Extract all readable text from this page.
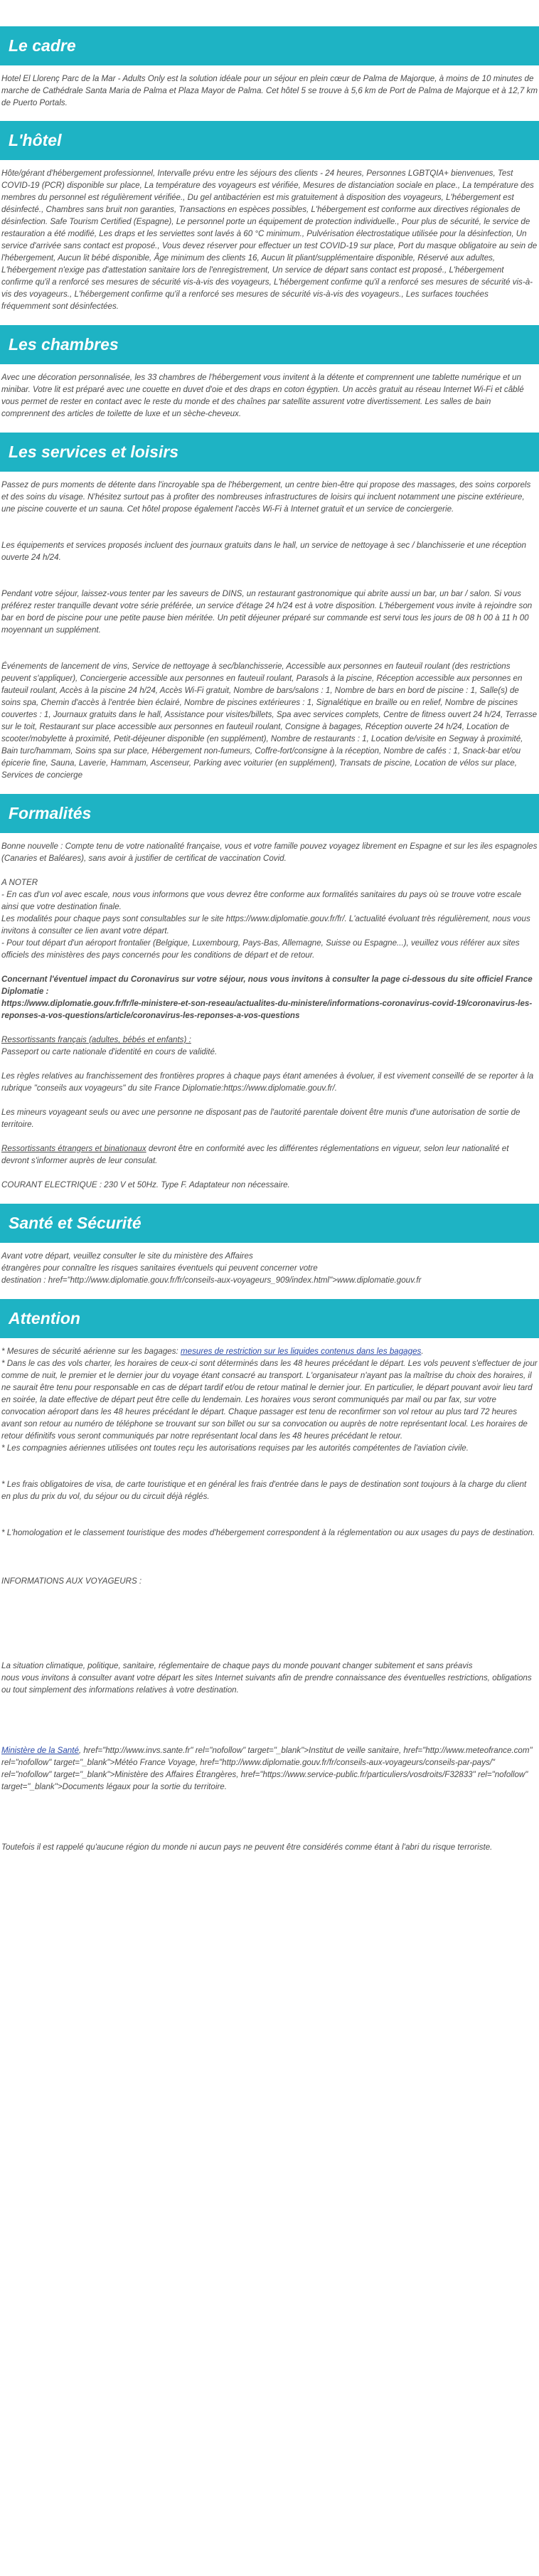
Le cadre

Hotel El Llorenç Parc de la Mar - Adults Only est la solution idéale pour un séjour en plein cœur de Palma de Majorque, à moins de 10 minutes de marche de Cathédrale Santa Maria de Palma et Plaza Mayor de Palma. Cet hôtel 5 se trouve à 5,6 km de Port de Palma de Majorque et à 12,7 km de Puerto Portals.

L'hôtel

Hôte/gérant d'hébergement professionnel, Intervalle prévu entre les séjours des clients - 24 heures, Personnes LGBTQIA+ bienvenues, Test COVID-19 (PCR) disponible sur place, La température des voyageurs est vérifiée, Mesures de distanciation sociale en place., La température des membres du personnel est régulièrement vérifiée., Du gel antibactérien est mis gratuitement à disposition des voyageurs, L'hébergement est désinfecté., Chambres sans bruit non garanties, Transactions en espèces possibles, L'hébergement est conforme aux directives régionales de désinfection. Safe Tourism Certified (Espagne), Le personnel porte un équipement de protection individuelle., Pour plus de sécurité, le service de restauration a été modifié, Les draps et les serviettes sont lavés à 60 °C minimum., Pulvérisation électrostatique utilisée pour la désinfection, Un service d'arrivée sans contact est proposé., Vous devez réserver pour effectuer un test COVID-19 sur place, Port du masque obligatoire au sein de l'hébergement, Aucun lit bébé disponible, Âge minimum des clients 16, Aucun lit pliant/supplémentaire disponible, Réservé aux adultes, L'hébergement n'exige pas d'attestation sanitaire lors de l'enregistrement, Un service de départ sans contact est proposé., L'hébergement confirme qu'il a renforcé ses mesures de sécurité vis-à-vis des voyageurs, L'hébergement confirme qu'il a renforcé ses mesures de sécurité vis-à-vis des voyageurs., L'hébergement confirme qu'il a renforcé ses mesures de sécurité vis-à-vis des voyageurs., Les surfaces touchées fréquemment sont désinfectées.

Les chambres

Avec une décoration personnalisée, les 33 chambres de l'hébergement vous invitent à la détente et comprennent une tablette numérique et un minibar. Votre lit est préparé avec une couette en duvet d'oie et des draps en coton égyptien. Un accès gratuit au réseau Internet Wi-Fi et câblé vous permet de rester en contact avec le reste du monde et des chaînes par satellite assurent votre divertissement. Les salles de bain comprennent des articles de toilette de luxe et un sèche-cheveux.

Les services et loisirs

Passez de purs moments de détente dans l'incroyable spa de l'hébergement, un centre bien-être qui propose des massages, des soins corporels et des soins du visage. N'hésitez surtout pas à profiter des nombreuses infrastructures de loisirs qui incluent notamment une piscine extérieure, une piscine couverte et un sauna. Cet hôtel propose également l'accès Wi-Fi à Internet gratuit et un service de conciergerie.

Les équipements et services proposés incluent des journaux gratuits dans le hall, un service de nettoyage à sec / blanchisserie et une réception ouverte 24 h/24.

Pendant votre séjour, laissez-vous tenter par les saveurs de DINS, un restaurant gastronomique qui abrite aussi un bar, un bar / salon. Si vous préférez rester tranquille devant votre série préférée, un service d'étage 24 h/24 est à votre disposition. L'hébergement vous invite à rejoindre son bar en bord de piscine pour une petite pause bien méritée. Un petit déjeuner préparé sur commande est servi tous les jours de 08 h 00 à 11 h 00 moyennant un supplément.

Événements de lancement de vins, Service de nettoyage à sec/blanchisserie, Accessible aux personnes en fauteuil roulant (des restrictions peuvent s'appliquer), Conciergerie accessible aux personnes en fauteuil roulant, Parasols à la piscine, Réception accessible aux personnes en fauteuil roulant, Accès à la piscine 24 h/24, Accès Wi-Fi gratuit, Nombre de bars/salons : 1, Nombre de bars en bord de piscine : 1, Salle(s) de soins spa, Chemin d'accès à l'entrée bien éclairé, Nombre de piscines extérieures : 1, Signalétique en braille ou en relief, Nombre de piscines couvertes : 1, Journaux gratuits dans le hall, Assistance pour visites/billets, Spa avec services complets, Centre de fitness ouvert 24 h/24, Terrasse sur le toit, Restaurant sur place accessible aux personnes en fauteuil roulant, Consigne à bagages, Réception ouverte 24 h/24, Location de scooter/mobylette à proximité, Petit-déjeuner disponible (en supplément), Nombre de restaurants : 1, Location de/visite en Segway à proximité, Bain turc/hammam, Soins spa sur place, Hébergement non-fumeurs, Coffre-fort/consigne à la réception, Nombre de cafés : 1, Snack-bar et/ou épicerie fine, Sauna, Laverie, Hammam, Ascenseur, Parking avec voiturier (en supplément), Transats de piscine, Location de vélos sur place, Services de concierge

Formalités

Bonne nouvelle : Compte tenu de votre nationalité française, vous et votre famille pouvez voyagez librement en Espagne et sur les iles espagnoles (Canaries et Baléares), sans avoir à justifier de certificat de vaccination Covid.

A NOTER
- En cas d'un vol avec escale, nous vous informons que vous devrez être conforme aux formalités sanitaires du pays où se trouve votre escale ainsi que votre destination finale.
Les modalités pour chaque pays sont consultables sur le site https://www.diplomatie.gouv.fr/fr/. L'actualité évoluant très régulièrement, nous vous invitons à consulter ce lien avant votre départ.
- Pour tout départ d'un aéroport frontalier (Belgique, Luxembourg, Pays-Bas, Allemagne, Suisse ou Espagne...), veuillez vous référer aux sites officiels des ministères des pays concernés pour les conditions de départ et de retour.

Concernant l'éventuel impact du Coronavirus sur votre séjour, nous vous invitons à consulter la page ci-dessous du site officiel France Diplomatie :
https://www.diplomatie.gouv.fr/fr/le-ministere-et-son-reseau/actualites-du-ministere/informations-coronavirus-covid-19/coronavirus-les-reponses-a-vos-questions/article/coronavirus-les-reponses-a-vos-questions

Ressortissants français (adultes, bébés et enfants) :

Passeport ou carte nationale d'identité en cours de validité.

Les règles relatives au franchissement des frontières propres à chaque pays étant amenées à évoluer, il est vivement conseillé de se reporter à la rubrique "conseils aux voyageurs" du site France Diplomatie:https://www.diplomatie.gouv.fr/.

Les mineurs voyageant seuls ou avec une personne ne disposant pas de l'autorité parentale doivent être munis d'une autorisation de sortie de territoire.

Ressortissants étrangers et binationaux devront être en conformité avec les différentes réglementations en vigueur, selon leur nationalité et devront s'informer auprès de leur consulat.

COURANT ELECTRIQUE : 230 V et 50Hz. Type F. Adaptateur non nécessaire.

Santé et Sécurité

Avant votre départ, veuillez consulter le site du ministère des Affaires
étrangères pour connaître les risques sanitaires éventuels qui peuvent concerner votre
destination : href="http://www.diplomatie.gouv.fr/fr/conseils-aux-voyageurs_909/index.html">www.diplomatie.gouv.fr

Attention

* Mesures de sécurité aérienne sur les bagages: mesures de restriction sur les liquides contenus dans les bagages.

* Dans le cas des vols charter, les horaires de ceux-ci sont déterminés dans les 48 heures précédant le départ. Les vols peuvent s'effectuer de jour comme de nuit, le premier et le dernier jour du voyage étant consacré au transport. L'organisateur n'ayant pas la maîtrise du choix des horaires, il ne saurait être tenu pour responsable en cas de départ tardif et/ou de retour matinal le dernier jour. En particulier, le départ pouvant avoir lieu tard en soirée, la date effective de départ peut être celle du lendemain. Les horaires vous seront communiqués par mail ou par fax, sur votre convocation aéroport dans les 48 heures précédant le départ. Chaque passager est tenu de reconfirmer son vol retour au plus tard 72 heures avant son retour au numéro de téléphone se trouvant sur son billet ou sur sa convocation ou auprès de notre représentant local. Les horaires de retour définitifs vous seront communiqués par notre représentant local dans les 48 heures précédant le retour.
* Les compagnies aériennes utilisées ont toutes reçu les autorisations requises par les autorités compétentes de l'aviation civile.

* Les frais obligatoires de visa, de carte touristique et en général les frais d'entrée dans le pays de destination sont toujours à la charge du client en plus du prix du vol, du séjour ou du circuit déjà réglés.

* L'homologation et le classement touristique des modes d'hébergement correspondent à la réglementation ou aux usages du pays de destination.

INFORMATIONS AUX VOYAGEURS :

La situation climatique, politique, sanitaire, réglementaire de chaque pays du monde pouvant changer subitement et sans préavis
nous vous invitons à consulter avant votre départ les sites Internet suivants afin de prendre connaissance des éventuelles restrictions, obligations ou tout simplement des informations relatives à votre destination.

Ministère de la Santé, href="http://www.invs.sante.fr" rel="nofollow" target="_blank">Institut de veille sanitaire, href="http://www.meteofrance.com" rel="nofollow" target="_blank">Météo France Voyage, href="http://www.diplomatie.gouv.fr/fr/conseils-aux-voyageurs/conseils-par-pays/" rel="nofollow" target="_blank">Ministère des Affaires Étrangères, href="https://www.service-public.fr/particuliers/vosdroits/F32833" rel="nofollow" target="_blank">Documents légaux pour la sortie du territoire.

Toutefois il est rappelé qu'aucune région du monde ni aucun pays ne peuvent être considérés comme étant à l'abri du risque terroriste.
